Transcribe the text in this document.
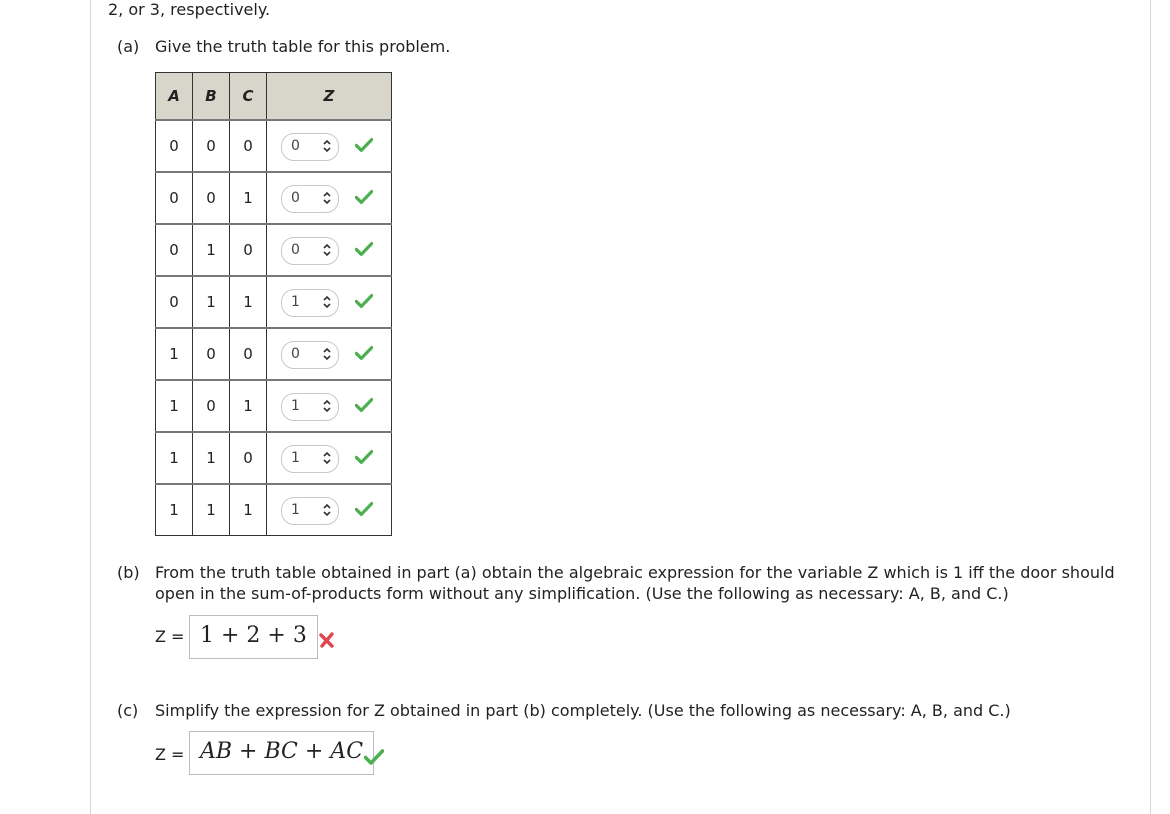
2, or 3, respectively.
(a) Give the truth table for this problem.
A	B	C	Z
0	0	0	0

0	0	1	0

0	1	0	0

0	1	1	1

1	0	0	0

1	0	1	1

1	1	0	1

1	1	1	1
(b) From the truth table obtained in part (a) obtain the algebraic expression for the variable Z which is 1 iff the door should
open in the sum-of-products form without any simplification. (Use the following as necessary: A, B, and C.)
Z = 1 + 2 + 3
(c) Simplify the expression for Z obtained in part (b) completely. (Use the following as necessary: A, B, and C.)
Z = AB + BC + AC
